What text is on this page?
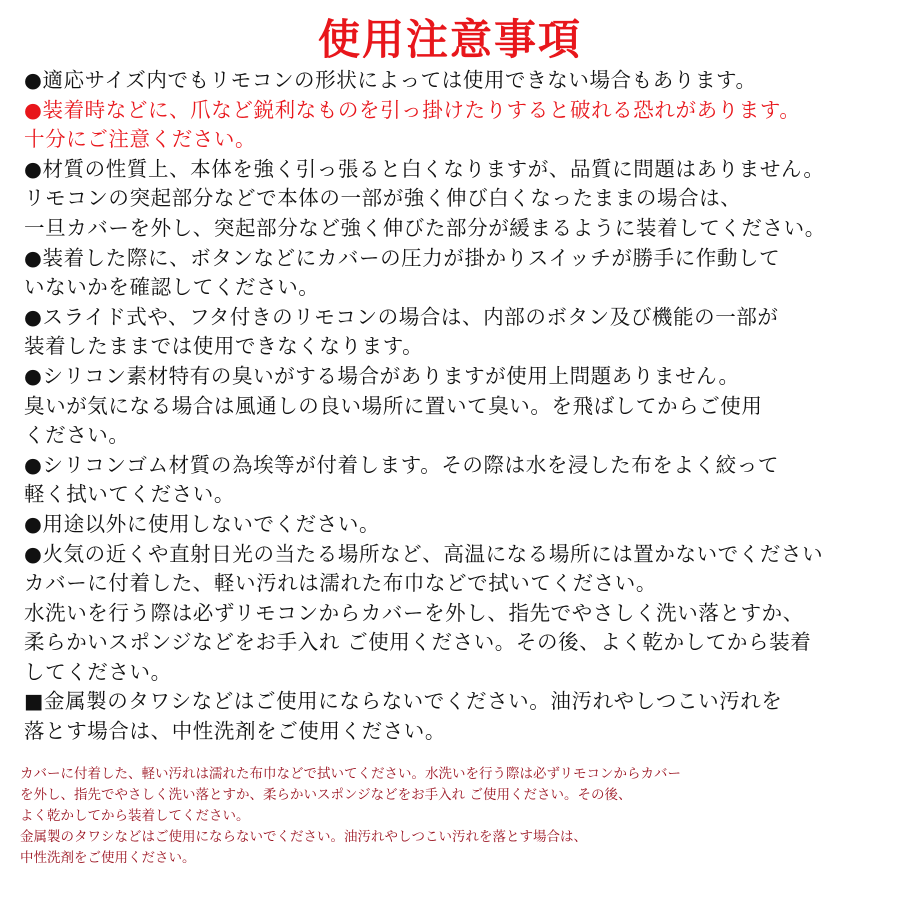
使用注意事項
●適応サイズ内でもリモコンの形状によっては使用できない場合もあります。
●装着時などに、爪など鋭利なものを引っ掛けたりすると破れる恐れがあります。
十分にご注意ください。
●材質の性質上、本体を強く引っ張ると白くなりますが、品質に問題はありません。
リモコンの突起部分などで本体の一部が強く伸び白くなったままの場合は、
一旦カバーを外し、突起部分など強く伸びた部分が緩まるように装着してください。
●装着した際に、ボタンなどにカバーの圧力が掛かりスイッチが勝手に作動して
いないかを確認してください。
●スライド式や、フタ付きのリモコンの場合は、内部のボタン及び機能の一部が
装着したままでは使用できなくなります。
●シリコン素材特有の臭いがする場合がありますが使用上問題ありません。
臭いが気になる場合は風通しの良い場所に置いて臭い。を飛ばしてからご使用
ください。
●シリコンゴム材質の為埃等が付着します。その際は水を浸した布をよく絞って
軽く拭いてください。
●用途以外に使用しないでください。
●火気の近くや直射日光の当たる場所など、高温になる場所には置かないでください
カバーに付着した、軽い汚れは濡れた布巾などで拭いてください。
水洗いを行う際は必ずリモコンからカバーを外し、指先でやさしく洗い落とすか、
柔らかいスポンジなどをお手入れ ご使用ください。その後、よく乾かしてから装着
してください。
■金属製のタワシなどはご使用にならないでください。油汚れやしつこい汚れを
落とす場合は、中性洗剤をご使用ください。
カバーに付着した、軽い汚れは濡れた布巾などで拭いてください。水洗いを行う際は必ずリモコンからカバー
を外し、指先でやさしく洗い落とすか、柔らかいスポンジなどをお手入れ ご使用ください。その後、
よく乾かしてから装着してください。
金属製のタワシなどはご使用にならないでください。油汚れやしつこい汚れを落とす場合は、
中性洗剤をご使用ください。
